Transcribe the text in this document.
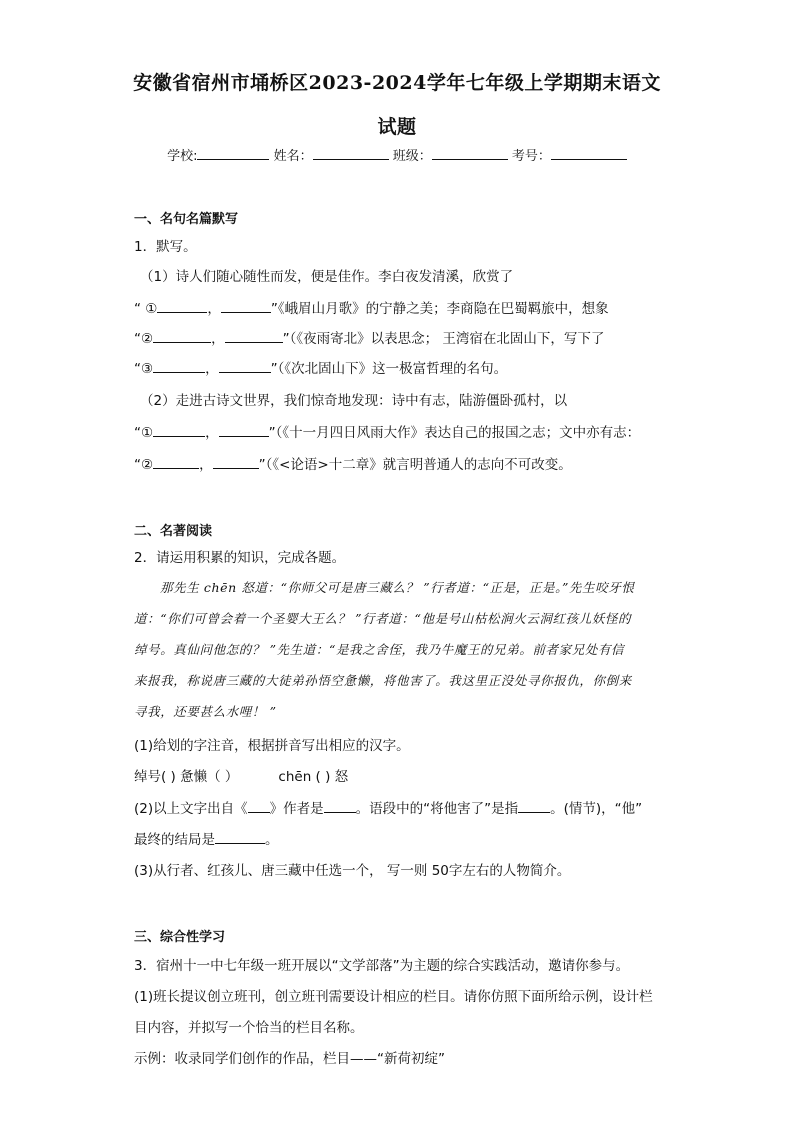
安徽省宿州市埇桥区2023-2024学年七年级上学期期末语文
试题
学校:	姓名：	班级：	考号：
一、名句名篇默写
1．默写。
（1）诗人们随心随性而发，便是佳作。李白夜发清溪，欣赏了
“ ①	，	”《峨眉山月歌》的宁静之美；李商隐在巴蜀羁旅中，想象
“②	，	”（《夜雨寄北》以表思念； 王湾宿在北固山下，写下了
“③	，	”（《次北固山下》这一极富哲理的名句。
（2）走进古诗文世界，我们惊奇地发现：诗中有志，陆游僵卧孤村，以
“①	，	”（《十一月四日风雨大作》表达自己的报国之志；文中亦有志：
“②	，	”（《<论语>十二章》就言明普通人的志向不可改变。
二、名著阅读
2．请运用积累的知识，完成各题。
那先生 chēn 怒道：“你师父可是唐三藏么？ ”行者道：“正是，正是。”先生咬牙恨
道：“你们可曾会着一个圣婴大王么？ ”行者道：“他是号山枯松涧火云洞红孩儿妖怪的
绰号。真仙问他怎的？ ”先生道：“是我之舍侄，我乃牛魔王的兄弟。前者家兄处有信
来报我，称说唐三藏的大徒弟孙悟空惫懒，将他害了。我这里正没处寻你报仇，你倒来
寻我，还要甚么水哩！ ”
(1)给划的字注音，根据拼音写出相应的汉字。
绰号( ) 惫懒（ ）	chēn ( ) 怒
(2)以上文字出自《 》作者是 。语段中的“将他害了”是指 。(情节)，“他”
最终的结局是	。
(3)从行者、红孩儿、唐三藏中任选一个， 写一则 50字左右的人物简介。
三、综合性学习
3．宿州十一中七年级一班开展以“文学部落”为主题的综合实践活动，邀请你参与。
(1)班长提议创立班刊，创立班刊需要设计相应的栏目。请你仿照下面所给示例，设计栏
目内容，并拟写一个恰当的栏目名称。
示例：收录同学们创作的作品，栏目——“新荷初绽”
